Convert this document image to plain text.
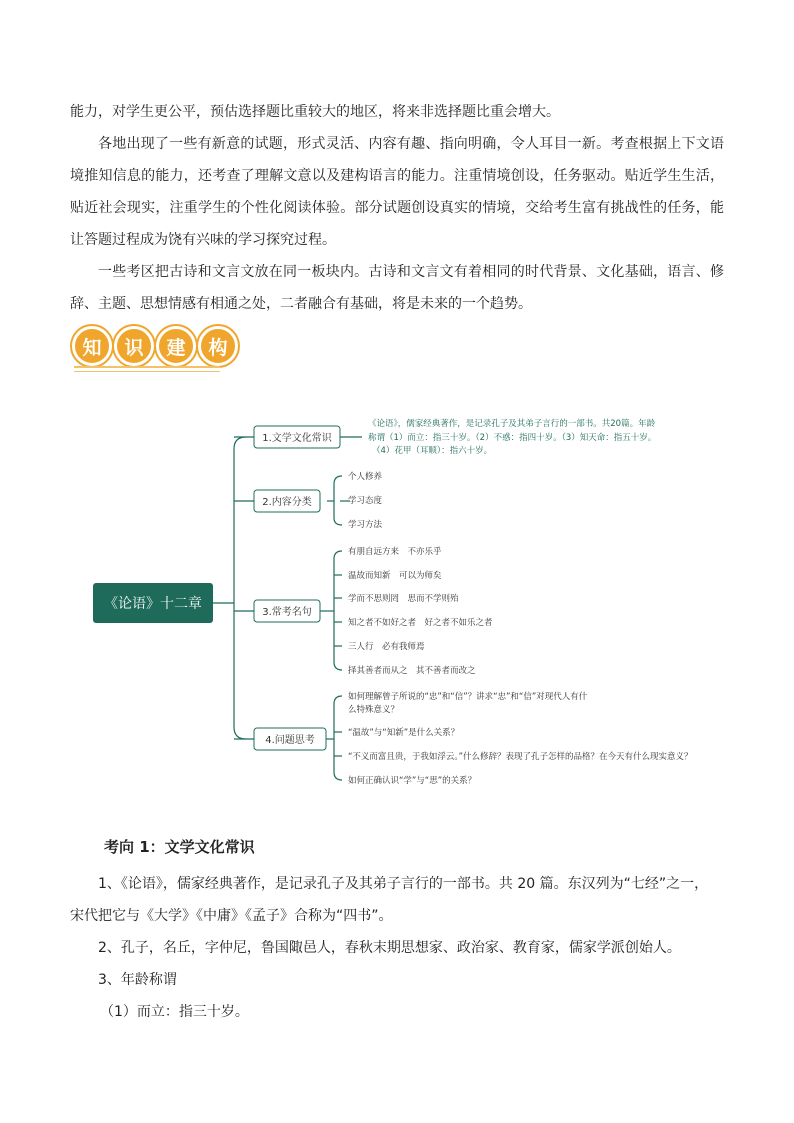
能力，对学生更公平，预估选择题比重较大的地区，将来非选择题比重会增大。

各地出现了一些有新意的试题，形式灵活、内容有趣、指向明确，令人耳目一新。考查根据上下文语境推知信息的能力，还考查了理解文意以及建构语言的能力。注重情境创设，任务驱动。贴近学生生活，贴近社会现实，注重学生的个性化阅读体验。部分试题创设真实的情境，交给考生富有挑战性的任务，能让答题过程成为饶有兴味的学习探究过程。

一些考区把古诗和文言文放在同一板块内。古诗和文言文有着相同的时代背景、文化基础，语言、修辞、主题、思想情感有相通之处，二者融合有基础，将是未来的一个趋势。

知	识	建	构
《论语》十二章
1.文学文化常识
《论语》，儒家经典著作，是记录孔子及其弟子言行的一部书。共20篇。年龄
称谓（1）而立：指三十岁。（2）不惑：指四十岁。（3）知天命：指五十岁。
（4）花甲（耳顺）：指六十岁。
2.内容分类
个人修养
学习态度
学习方法
3.常考名句
有朋自远方来　不亦乐乎
温故而知新　可以为师矣
学而不思则罔　思而不学则殆
知之者不如好之者　好之者不如乐之者
三人行　必有我师焉
择其善者而从之　其不善者而改之
4.问题思考
如何理解曾子所说的“忠”和“信”？讲求“忠”和“信”对现代人有什
么特殊意义？
“温故”与“知新”是什么关系？
“不义而富且贵，于我如浮云。”什么修辞？表现了孔子怎样的品格？在今天有什么现实意义？
如何正确认识“学”与“思”的关系？

考向 1：文学文化常识

1、《论语》，儒家经典著作，是记录孔子及其弟子言行的一部书。共 20 篇。东汉列为“七经”之一，

宋代把它与《大学》《中庸》《孟子》合称为“四书”。

2、孔子，名丘，字仲尼，鲁国陬邑人，春秋末期思想家、政治家、教育家，儒家学派创始人。

3、年龄称谓

（1）而立：指三十岁。
